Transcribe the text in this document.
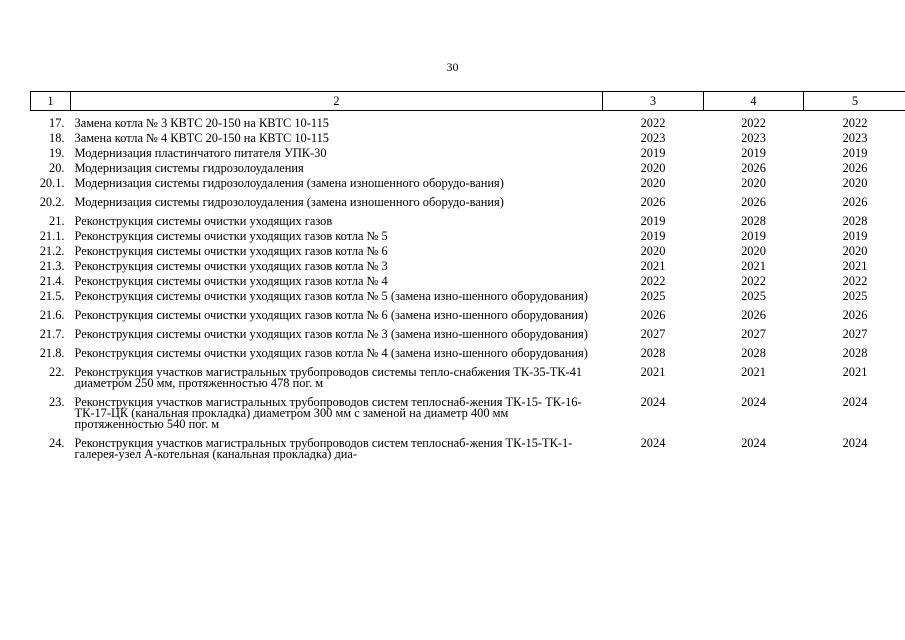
30
1	2	3	4	5
17.	Замена котла № 3 КВТС 20-150 на КВТС 10-115	2022	2022	2022
18.	Замена котла № 4 КВТС 20-150 на КВТС 10-115	2023	2023	2023
19.	Модернизация пластинчатого питателя УПК-30	2019	2019	2019
20.	Модернизация системы гидрозолоудаления	2020	2026	2026
20.1.	Модернизация системы гидрозолоудаления (замена изношенного оборудо-вания)	2020	2020	2020
20.2.	Модернизация системы гидрозолоудаления (замена изношенного оборудо-вания)	2026	2026	2026
21.	Реконструкция системы очистки уходящих газов	2019	2028	2028
21.1.	Реконструкция системы очистки уходящих газов котла № 5	2019	2019	2019
21.2.	Реконструкция системы очистки уходящих газов котла № 6	2020	2020	2020
21.3.	Реконструкция системы очистки уходящих газов котла № 3	2021	2021	2021
21.4.	Реконструкция системы очистки уходящих газов котла № 4	2022	2022	2022
21.5.	Реконструкция системы очистки уходящих газов котла № 5 (замена изно-шенного оборудования)	2025	2025	2025
21.6.	Реконструкция системы очистки уходящих газов котла № 6 (замена изно-шенного оборудования)	2026	2026	2026
21.7.	Реконструкция системы очистки уходящих газов котла № 3 (замена изно-шенного оборудования)	2027	2027	2027
21.8.	Реконструкция системы очистки уходящих газов котла № 4 (замена изно-шенного оборудования)	2028	2028	2028
22.	Реконструкция участков магистральных трубопроводов системы тепло-снабжения ТК-35-ТК-41 диаметром 250 мм, протяженностью 478 пог. м	2021	2021	2021
23.	Реконструкция участков магистральных трубопроводов систем теплоснаб-жения ТК-15- ТК-16-ТК-17-ЦК (канальная прокладка) диаметром 300 мм с заменой на диаметр 400 мм протяженностью 540 пог. м	2024	2024	2024
24.	Реконструкция участков магистральных трубопроводов систем теплоснаб-жения ТК-15-ТК-1-галерея-узел А-котельная (канальная прокладка) диа-	2024	2024	2024
